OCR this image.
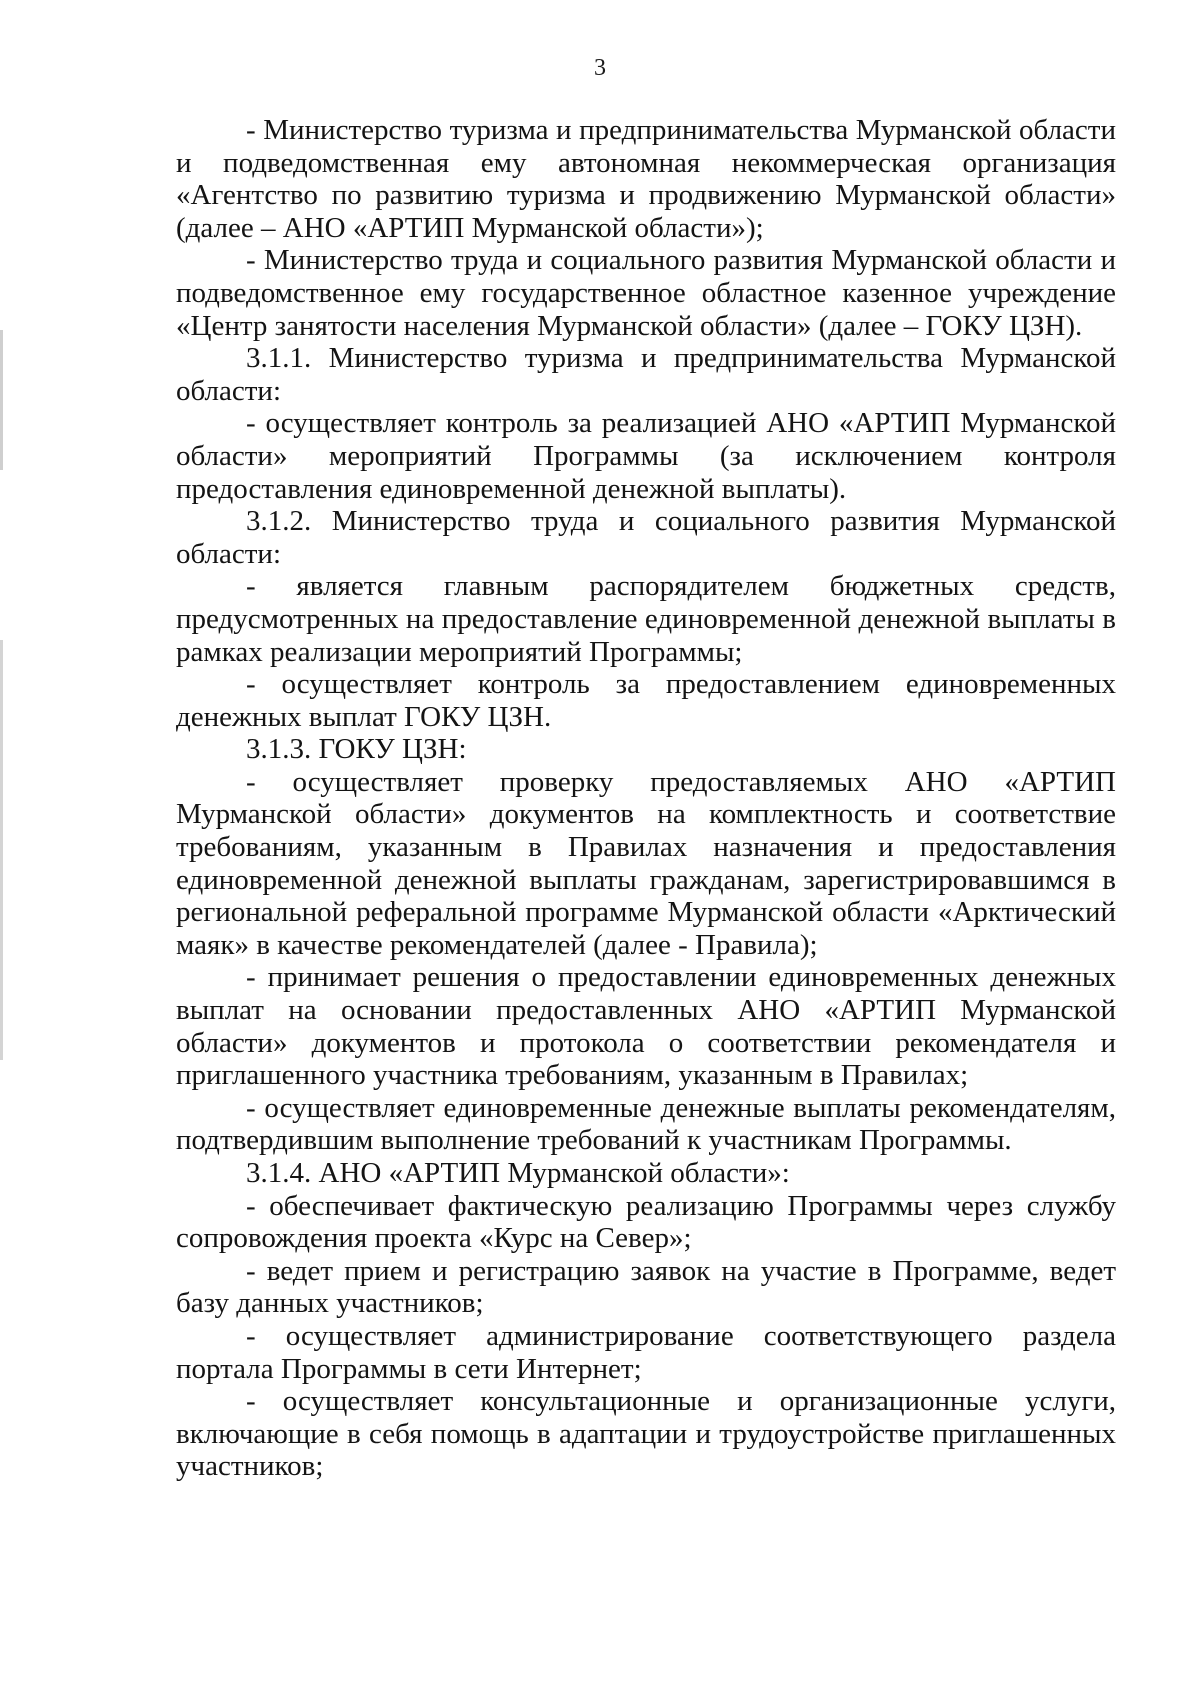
3

- Министерство туризма и предпринимательства Мурманской области и подведомственная ему автономная некоммерческая организация «Агентство по развитию туризма и продвижению Мурманской области» (далее – АНО «АРТИП Мурманской области»);

- Министерство труда и социального развития Мурманской области и подведомственное ему государственное областное казенное учреждение «Центр занятости населения Мурманской области» (далее – ГОКУ ЦЗН).

3.1.1. Министерство туризма и предпринимательства Мурманской области:

- осуществляет контроль за реализацией АНО «АРТИП Мурманской области» мероприятий Программы (за исключением контроля предоставления единовременной денежной выплаты).

3.1.2. Министерство труда и социального развития Мурманской области:

- является главным распорядителем бюджетных средств, предусмотренных на предоставление единовременной денежной выплаты в рамках реализации мероприятий Программы;

- осуществляет контроль за предоставлением единовременных денежных выплат ГОКУ ЦЗН.

3.1.3. ГОКУ ЦЗН:

- осуществляет проверку предоставляемых АНО «АРТИП Мурманской области» документов на комплектность и соответствие требованиям, указанным в Правилах назначения и предоставления единовременной денежной выплаты гражданам, зарегистрировавшимся в региональной реферальной программе Мурманской области «Арктический маяк» в качестве рекомендателей (далее - Правила);

- принимает решения о предоставлении единовременных денежных выплат на основании предоставленных АНО «АРТИП Мурманской области» документов и протокола о соответствии рекомендателя и приглашенного участника требованиям, указанным в Правилах;

- осуществляет единовременные денежные выплаты рекомендателям, подтвердившим выполнение требований к участникам Программы.

3.1.4. АНО «АРТИП Мурманской области»:

- обеспечивает фактическую реализацию Программы через службу сопровождения проекта «Курс на Север»;

- ведет прием и регистрацию заявок на участие в Программе, ведет базу данных участников;

- осуществляет администрирование соответствующего раздела портала Программы в сети Интернет;

- осуществляет консультационные и организационные услуги, включающие в себя помощь в адаптации и трудоустройстве приглашенных участников;
